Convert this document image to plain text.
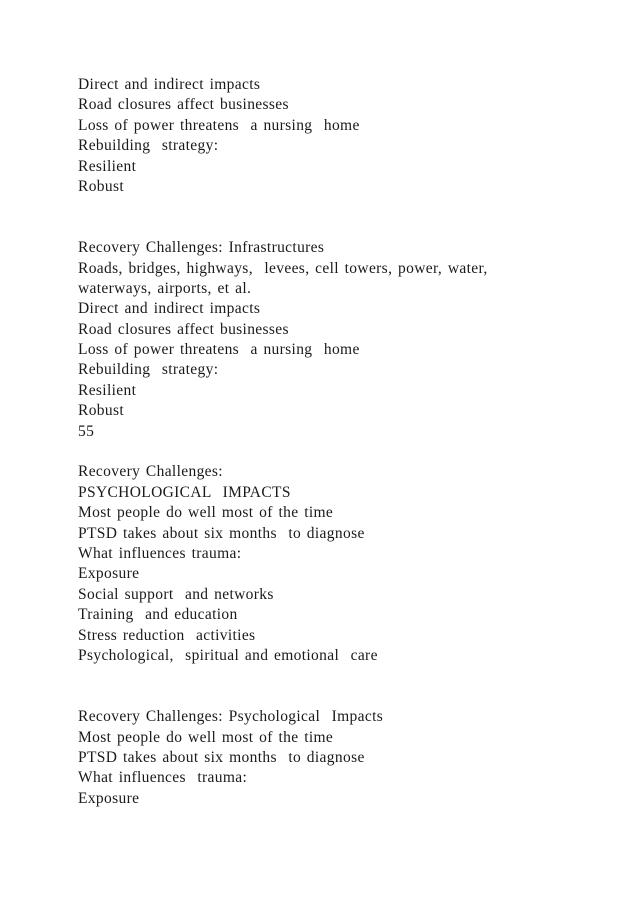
Direct and indirect impacts
Road closures affect businesses
Loss of power threatens  a nursing  home
Rebuilding  strategy:
Resilient
Robust
Recovery Challenges: Infrastructures
Roads, bridges, highways,  levees, cell towers, power, water,
waterways, airports, et al.
Direct and indirect impacts
Road closures affect businesses
Loss of power threatens  a nursing  home
Rebuilding  strategy:
Resilient
Robust
55
Recovery Challenges:
PSYCHOLOGICAL  IMPACTS
Most people do well most of the time
PTSD takes about six months  to diagnose
What influences trauma:
Exposure
Social support  and networks
Training  and education
Stress reduction  activities
Psychological,  spiritual and emotional  care
Recovery Challenges: Psychological  Impacts
Most people do well most of the time
PTSD takes about six months  to diagnose
What influences  trauma:
Exposure
